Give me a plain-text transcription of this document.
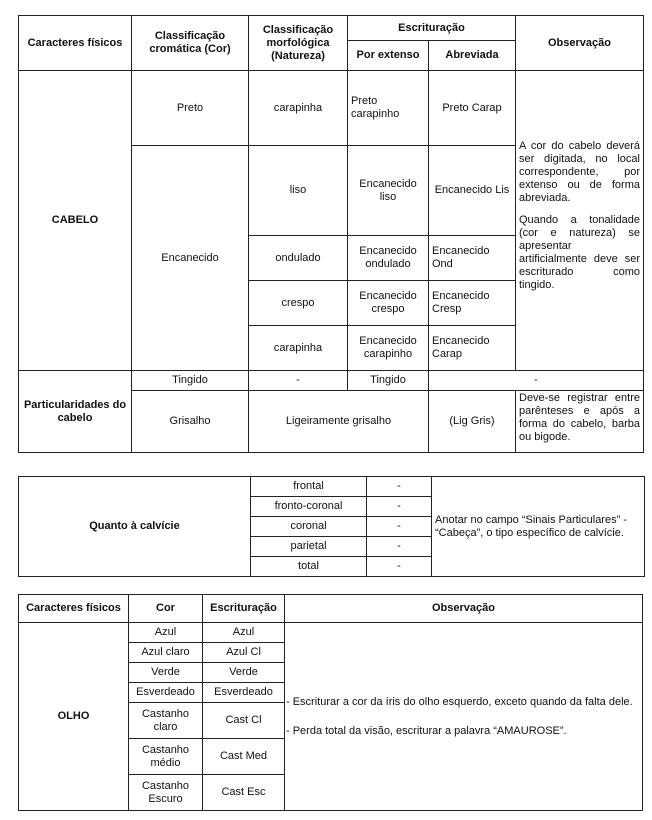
Caracteres físicos	Classificação cromática (Cor)	Classificação morfológica (Natureza)	Escrituração		Observação
			Por extenso	Abreviada	
CABELO	Preto	carapinha	Preto carapinho	Preto Carap	A cor do cabelo deverá ser digitada, no local correspondente, por extenso ou de forma abreviada.

Quando a tonalidade (cor e natureza) se apresentar artificialmente deve ser escriturado como tingido.

	Encanecido	liso	Encanecido liso	Encanecido Lis	
		ondulado	Encanecido ondulado	Encanecido Ond	
		crespo	Encanecido crespo	Encanecido Cresp	
		carapinha	Encanecido carapinho	Encanecido Carap	

Particularidades do cabelo	Tingido	-	Tingido	-	
	Grisalho	Ligeiramente grisalho		(Lig Gris)	Deve-se registrar entre parênteses e após a forma do cabelo, barba ou bigode.
Quanto à calvície	frontal	-	Anotar no campo “Sinais Particulares” - “Cabeça”, o tipo específico de calvície.
	fronto-coronal	-	
	coronal	-	
	parietal	-	
	total	-	
Caracteres físicos	Cor	Escrituração	Observação
OLHO	Azul	Azul	- Escriturar a cor da íris do olho esquerdo, exceto quando da falta dele.

- Perda total da visão, escriturar a palavra “AMAUROSE”.

	Azul claro	Azul Cl	
	Verde	Verde	
	Esverdeado	Esverdeado	
	Castanho claro	Cast Cl	
	Castanho médio	Cast Med	
	Castanho Escuro	Cast Esc	
